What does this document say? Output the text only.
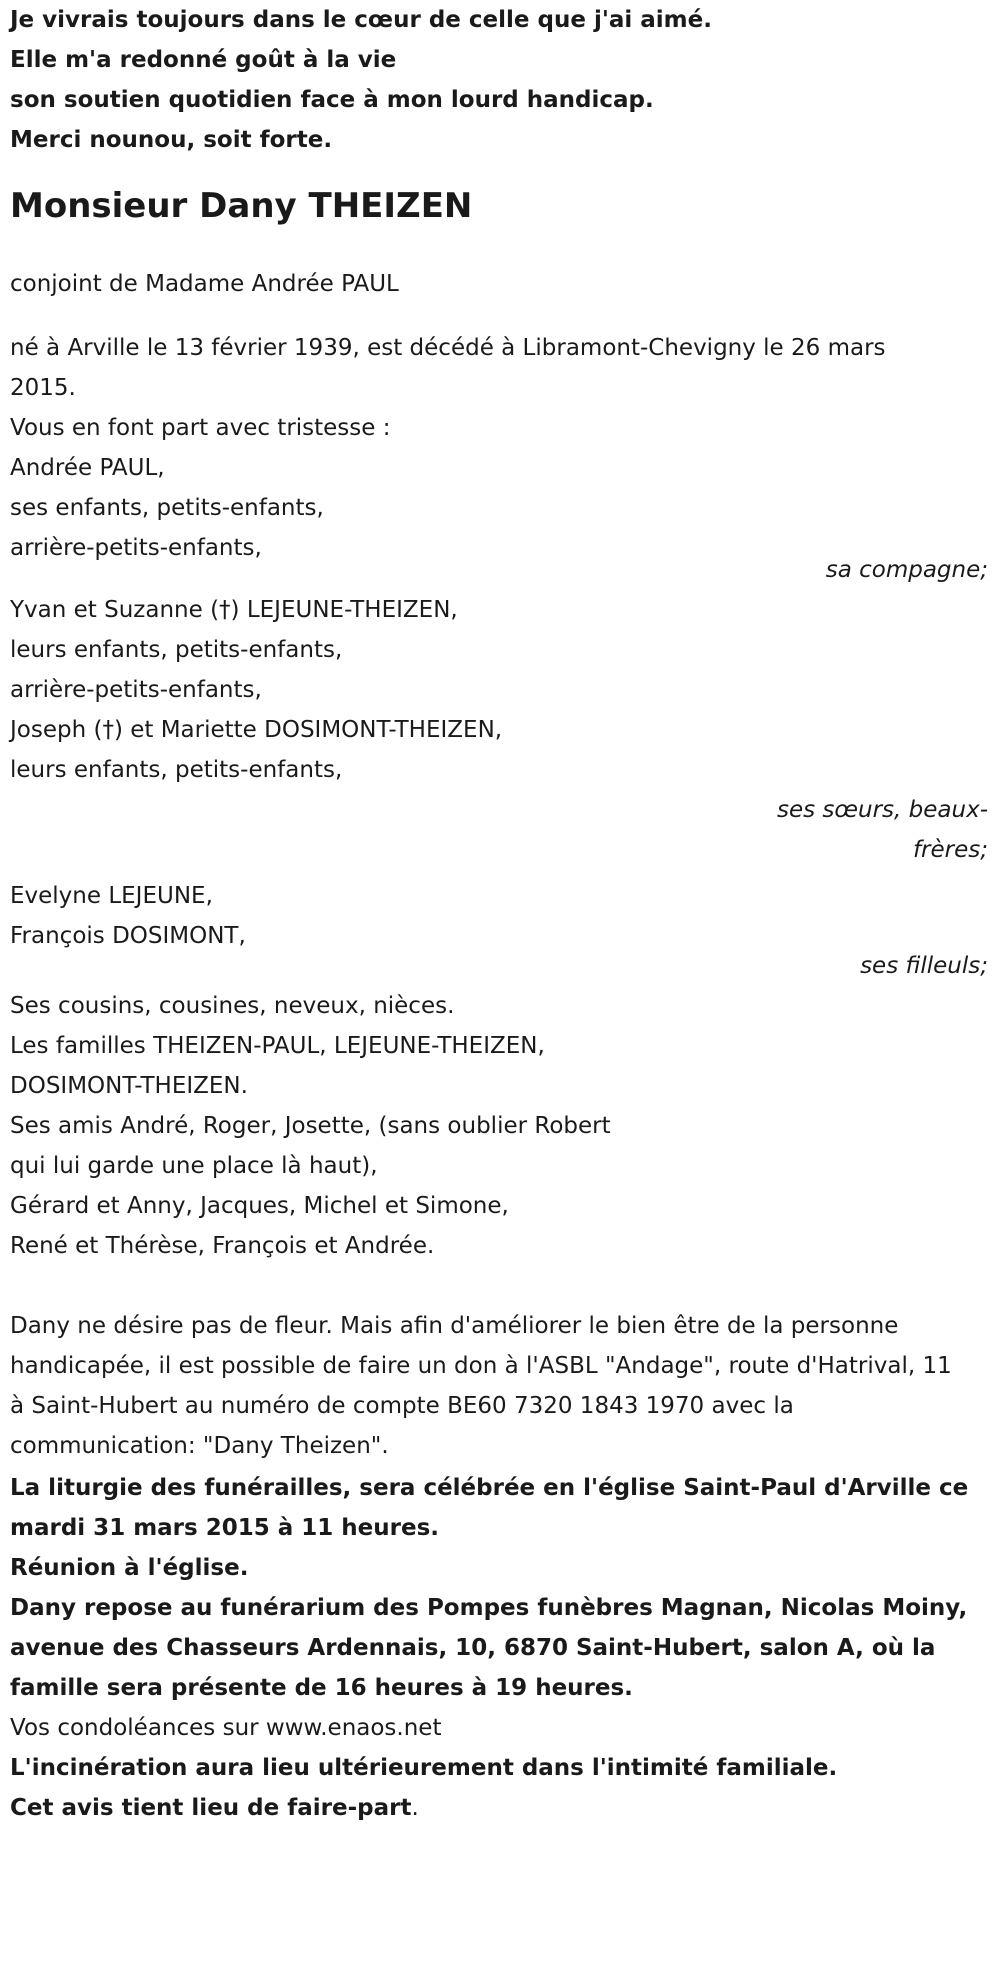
Je vivrais toujours dans le cœur de celle que j'ai aimé.
Elle m'a redonné goût à la vie
son soutien quotidien face à mon lourd handicap.
Merci nounou, soit forte.
Monsieur Dany THEIZEN
conjoint de Madame Andrée PAUL
né à Arville le 13 février 1939, est décédé à Libramont-Chevigny le 26 mars 2015.
Vous en font part avec tristesse :
Andrée PAUL,
ses enfants, petits-enfants,
arrière-petits-enfants,
sa compagne;
Yvan et Suzanne (†) LEJEUNE-THEIZEN,
leurs enfants, petits-enfants,
arrière-petits-enfants,
Joseph (†) et Mariette DOSIMONT-THEIZEN,
leurs enfants, petits-enfants,
ses sœurs, beaux-frères;
Evelyne LEJEUNE,
François DOSIMONT,
ses filleuls;
Ses cousins, cousines, neveux, nièces.
Les familles THEIZEN-PAUL, LEJEUNE-THEIZEN,
DOSIMONT-THEIZEN.
Ses amis André, Roger, Josette, (sans oublier Robert
qui lui garde une place là haut),
Gérard et Anny, Jacques, Michel et Simone,
René et Thérèse, François et Andrée.
Dany ne désire pas de fleur. Mais afin d'améliorer le bien être de la personne handicapée, il est possible de faire un don à l'ASBL "Andage", route d'Hatrival, 11 à Saint-Hubert au numéro de compte BE60 7320 1843 1970 avec la communication: "Dany Theizen".
La liturgie des funérailles, sera célébrée en l'église Saint-Paul d'Arville ce mardi 31 mars 2015 à 11 heures.
Réunion à l'église.
Dany repose au funérarium des Pompes funèbres Magnan, Nicolas Moiny, avenue des Chasseurs Ardennais, 10, 6870 Saint-Hubert, salon A, où la famille sera présente de 16 heures à 19 heures.
Vos condoléances sur www.enaos.net
L'incinération aura lieu ultérieurement dans l'intimité familiale.
Cet avis tient lieu de faire-part.
